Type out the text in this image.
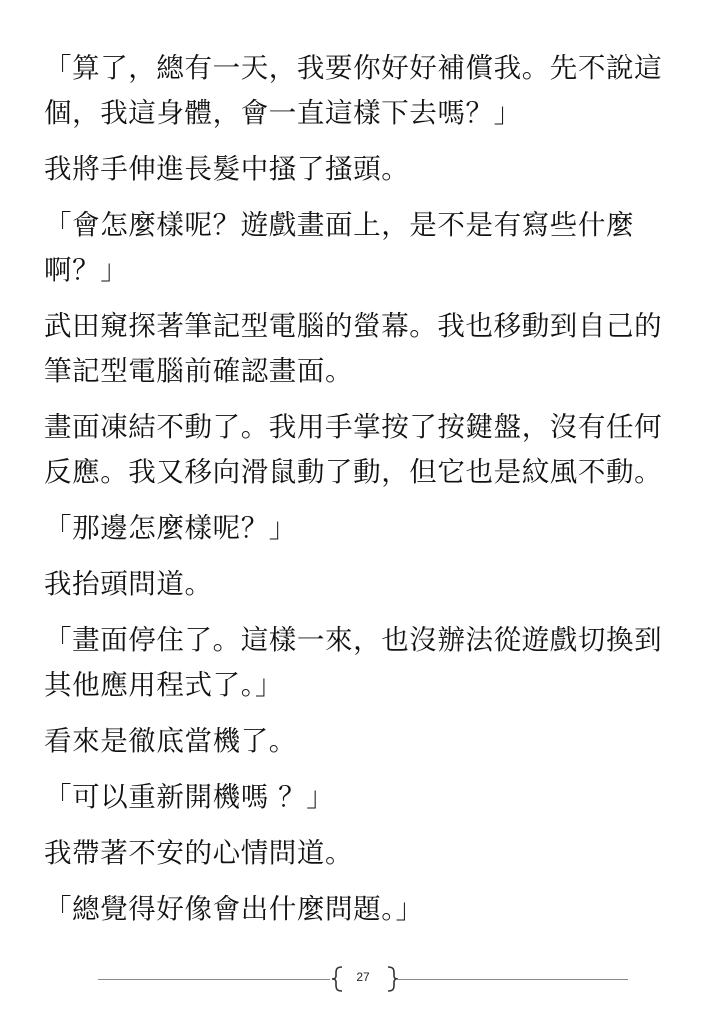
「算了，總有一天，我要你好好補償我。先不說這個，我這身體，會一直這樣下去嗎？」

我將手伸進長髮中搔了搔頭。

「會怎麼樣呢？遊戲畫面上，是不是有寫些什麼啊？」

武田窺探著筆記型電腦的螢幕。我也移動到自己的筆記型電腦前確認畫面。

畫面凍結不動了。我用手掌按了按鍵盤，沒有任何反應。我又移向滑鼠動了動，但它也是紋風不動。

「那邊怎麼樣呢？」

我抬頭問道。

「畫面停住了。這樣一來，也沒辦法從遊戲切換到其他應用程式了。」

看來是徹底當機了。

「可以重新開機嗎 ？」

我帶著不安的心情問道。

「總覺得好像會出什麼問題。」

27
